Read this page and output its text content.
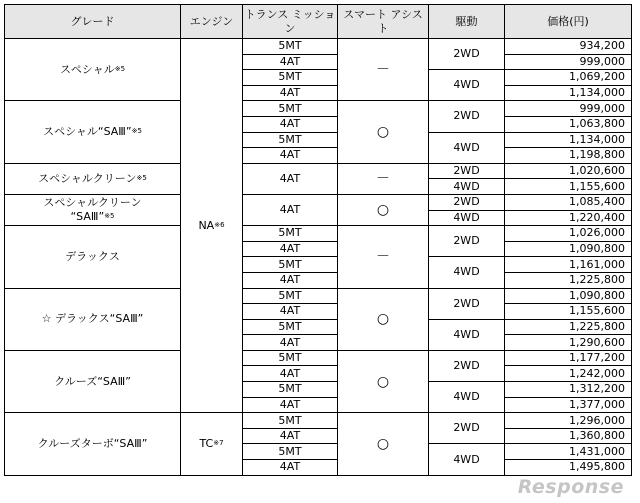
グレード	エンジン	トランス ミッション	スマート アシスト	駆動	価格(円)
スペシャル$^{※5}$	NA$^{※6}$	5MT	－	2WD	934,200
		4AT			999,000
		5MT		4WD	1,069,200
		4AT			1,134,000
スペシャル“SAⅢ”$^{※5}$		5MT	○	2WD	999,000
		4AT			1,063,800
		5MT		4WD	1,134,000
		4AT			1,198,800
スペシャルクリーン$^{※5}$		4AT	－	2WD	1,020,600
				4WD	1,155,600
スペシャルクリーン
“SAⅢ”$^{※5}$		4AT	○	2WD	1,085,400
				4WD	1,220,400
デラックス		5MT	－	2WD	1,026,000
		4AT			1,090,800
		5MT		4WD	1,161,000
		4AT			1,225,800
☆ デラックス“SAⅢ”		5MT	○	2WD	1,090,800
		4AT			1,155,600
		5MT		4WD	1,225,800
		4AT			1,290,600
クルーズ“SAⅢ”		5MT	○	2WD	1,177,200
		4AT			1,242,000
		5MT		4WD	1,312,200
		4AT			1,377,000
クルーズターボ“SAⅢ”	TC$^{※7}$	5MT	○	2WD	1,296,000
		4AT			1,360,800
		5MT		4WD	1,431,000
		4AT			1,495,800
Response
